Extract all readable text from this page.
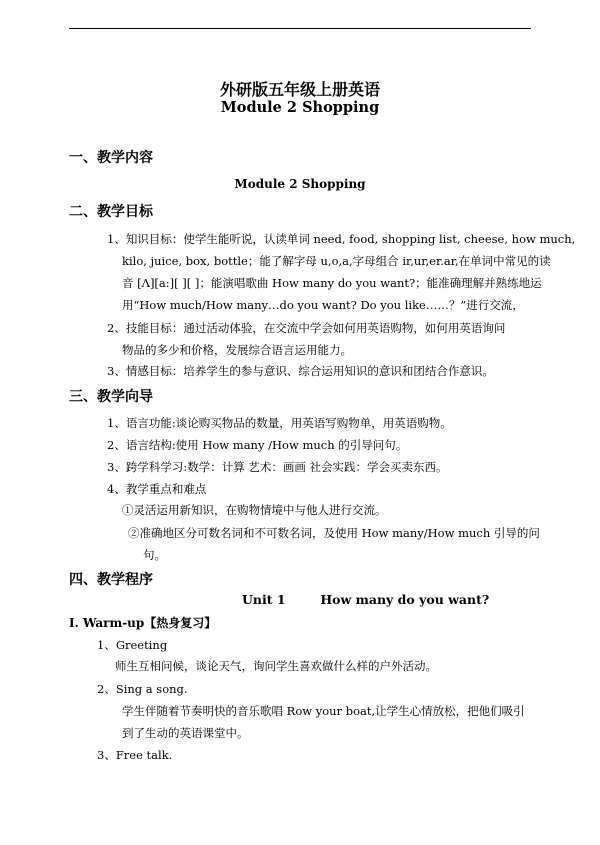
外研版五年级上册英语
Module 2 Shopping
一、教学内容
Module 2 Shopping
二、教学目标
1、知识目标：使学生能听说，认读单词 need, food, shopping list, cheese, how much,
kilo, juice, box, bottle；能了解字母 u,o,a,字母组合 ir,ur,er.ar,在单词中常见的读
音 [Λ][a:][ ][ ]；能演唱歌曲 How many do you want?；能准确理解并熟练地运
用“How much/How many…do you want? Do you like……？”进行交流，
2、技能目标：通过活动体验，在交流中学会如何用英语购物，如何用英语询问
物品的多少和价格，发展综合语言运用能力。
3、情感目标：培养学生的参与意识、综合运用知识的意识和团结合作意识。
三、教学向导
1、语言功能:谈论购买物品的数量，用英语写购物单，用英语购物。
2、语言结构:使用 How many /How much 的引导问句。
3、跨学科学习:数学：计算 艺术：画画 社会实践：学会买卖东西。
4、教学重点和难点
①灵活运用新知识，在购物情境中与他人进行交流。
②准确地区分可数名词和不可数名词，及使用 How many/How much 引导的问
句。
四、教学程序
Unit 1        How many do you want?
Ⅰ. Warm-up【热身复习】
1、Greeting
师生互相问候，谈论天气，询问学生喜欢做什么样的户外活动。
2、Sing a song.
学生伴随着节奏明快的音乐歌唱 Row your boat,让学生心情放松，把他们吸引
到了生动的英语课堂中。
3、Free talk.
